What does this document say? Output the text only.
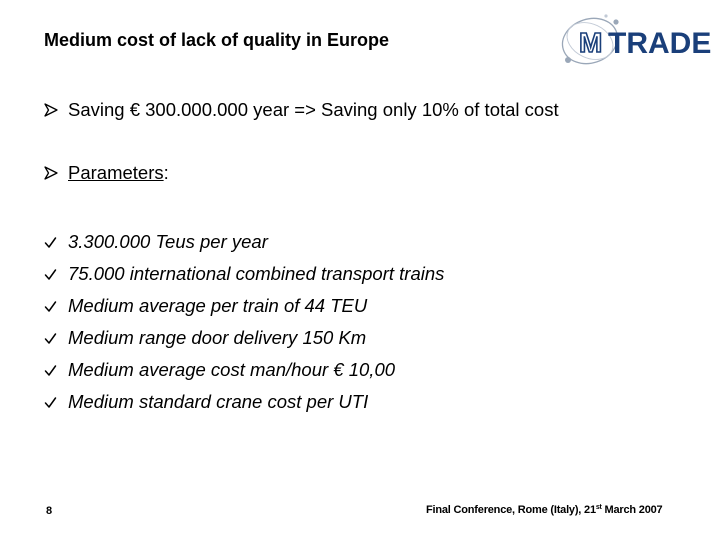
Medium cost of lack of quality in Europe	M TRADE
Saving € 300.000.000 year => Saving only 10% of total cost
Parameters :
3.300.000 Teus per year
75.000 international combined transport trains
Medium average per train of 44 TEU
Medium range door delivery 150 Km
Medium average cost man/hour € 10,00
Medium standard crane cost per UTI
8	Final Conference, Rome (Italy), 21st March 2007
